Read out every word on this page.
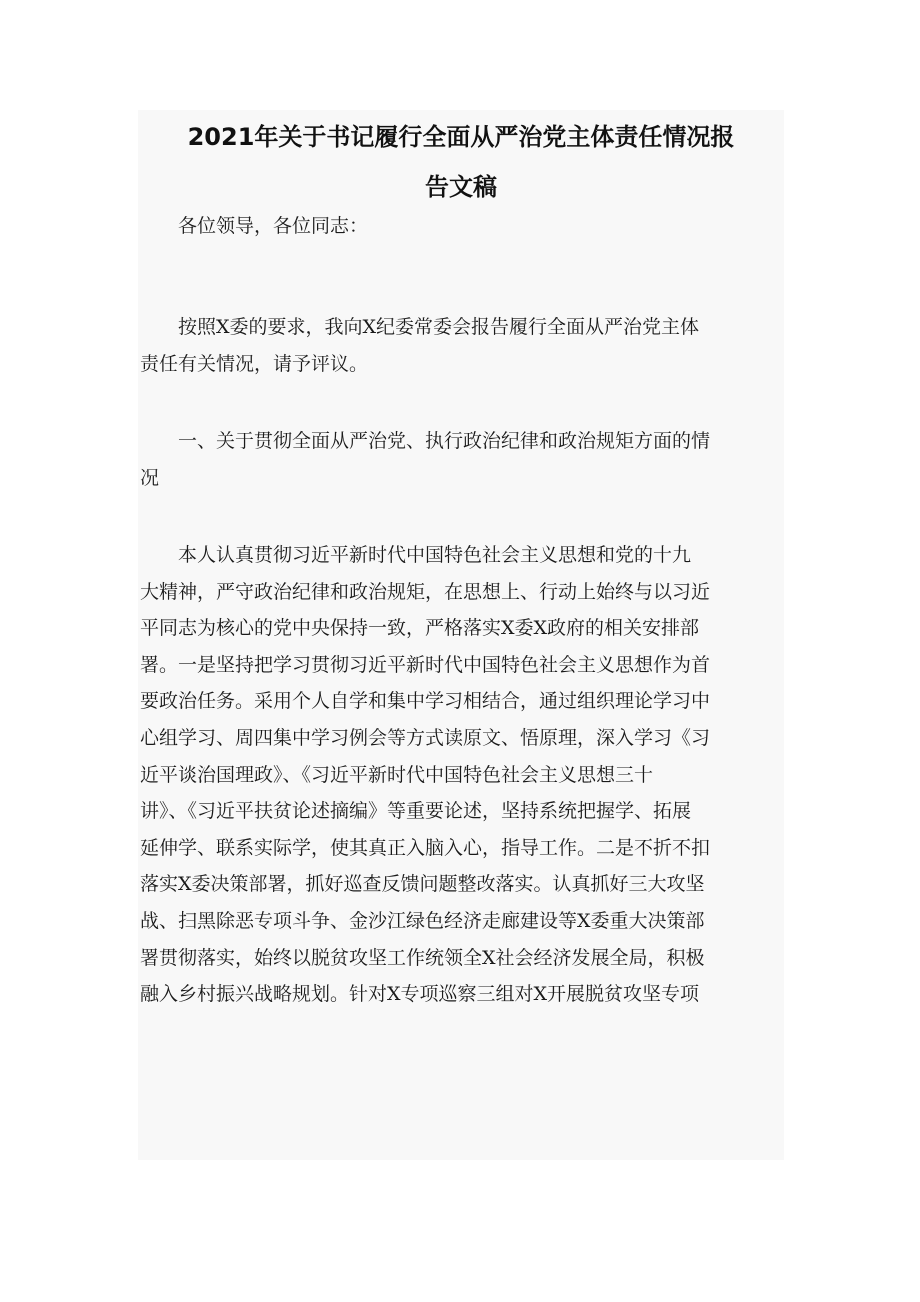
2021年关于书记履行全面从严治党主体责任情况报
告文稿

各位领导，各位同志：

按照X委的要求，我向X纪委常委会报告履行全面从严治党主体
责任有关情况，请予评议。

一、关于贯彻全面从严治党、执行政治纪律和政治规矩方面的情
况

本人认真贯彻习近平新时代中国特色社会主义思想和党的十九
大精神，严守政治纪律和政治规矩，在思想上、行动上始终与以习近
平同志为核心的党中央保持一致，严格落实X委X政府的相关安排部
署。一是坚持把学习贯彻习近平新时代中国特色社会主义思想作为首
要政治任务。采用个人自学和集中学习相结合，通过组织理论学习中
心组学习、周四集中学习例会等方式读原文、悟原理，深入学习《习
近平谈治国理政》、《习近平新时代中国特色社会主义思想三十
讲》、《习近平扶贫论述摘编》等重要论述，坚持系统把握学、拓展
延伸学、联系实际学，使其真正入脑入心，指导工作。二是不折不扣
落实X委决策部署，抓好巡查反馈问题整改落实。认真抓好三大攻坚
战、扫黑除恶专项斗争、金沙江绿色经济走廊建设等X委重大决策部
署贯彻落实，始终以脱贫攻坚工作统领全X社会经济发展全局，积极
融入乡村振兴战略规划。针对X专项巡察三组对X开展脱贫攻坚专项
